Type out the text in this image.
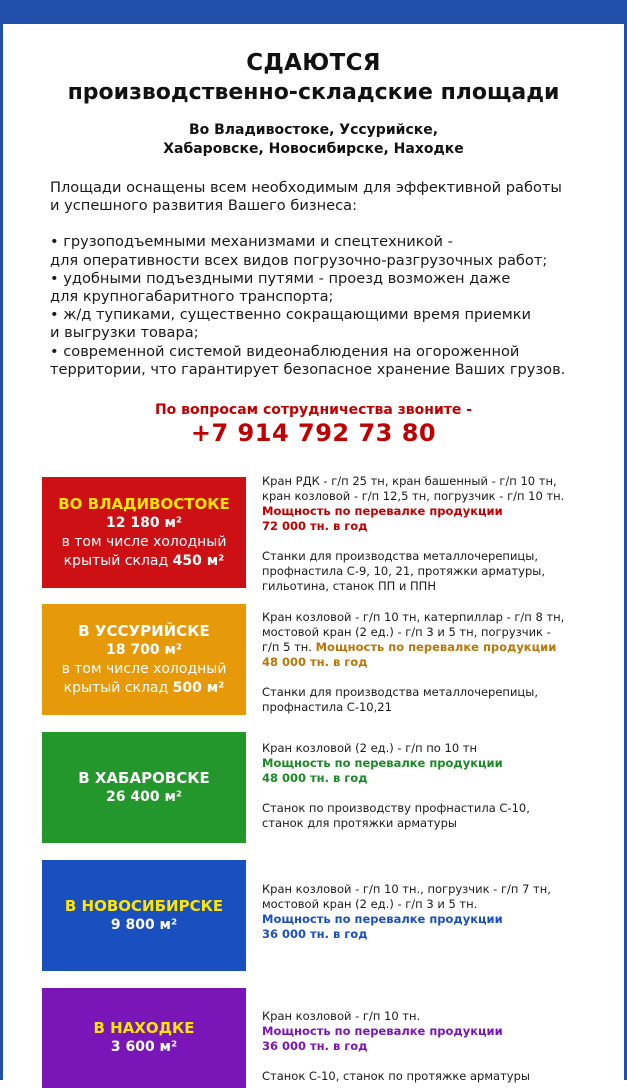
СДАЮТСЯ
производственно-складские площади
Во Владивостоке, Уссурийске,
Хабаровске, Новосибирске, Находке
Площади оснащены всем необходимым для эффективной работы
и успешного развития Вашего бизнеса:
• грузоподъемными механизмами и спецтехникой -
для оперативности всех видов погрузочно-разгрузочных работ;
• удобными подъездными путями - проезд возможен даже
для крупногабаритного транспорта;
• ж/д тупиками, существенно сокращающими время приемки
и выгрузки товара;
• современной системой видеонаблюдения на огороженной
территории, что гарантирует безопасное хранение Ваших грузов.
По вопросам сотрудничества звоните -
+7 914 792 73 80
ВО ВЛАДИВОСТОКЕ
12 180 м²
в том числе холодный
крытый склад 450 м²
Кран РДК - г/п 25 тн, кран башенный - г/п 10 тн,
кран козловой - г/п 12,5 тн, погрузчик - г/п 10 тн.
Мощность по перевалке продукции
72 000 тн. в год
Станки для производства металлочерепицы,
профнастила С-9, 10, 21, протяжки арматуры,
гильотина, станок ПП и ППН
В УССУРИЙСКЕ
18 700 м²
в том числе холодный
крытый склад 500 м²
Кран козловой - г/п 10 тн, катерпиллар - г/п 8 тн,
мостовой кран (2 ед.) - г/п 3 и 5 тн, погрузчик -
г/п 5 тн. Мощность по перевалке продукции
48 000 тн. в год
Станки для производства металлочерепицы,
профнастила С-10,21
В ХАБАРОВСКЕ
26 400 м²
Кран козловой (2 ед.) - г/п по 10 тн
Мощность по перевалке продукции
48 000 тн. в год
Станок по производству профнастила С-10,
станок для протяжки арматуры
В НОВОСИБИРСКЕ
9 800 м²
Кран козловой - г/п 10 тн., погрузчик - г/п 7 тн,
мостовой кран (2 ед.) - г/п 3 и 5 тн.
Мощность по перевалке продукции
36 000 тн. в год
В НАХОДКЕ
3 600 м²
Кран козловой - г/п 10 тн.
Мощность по перевалке продукции
36 000 тн. в год
Станок С-10, станок по протяжке арматуры
